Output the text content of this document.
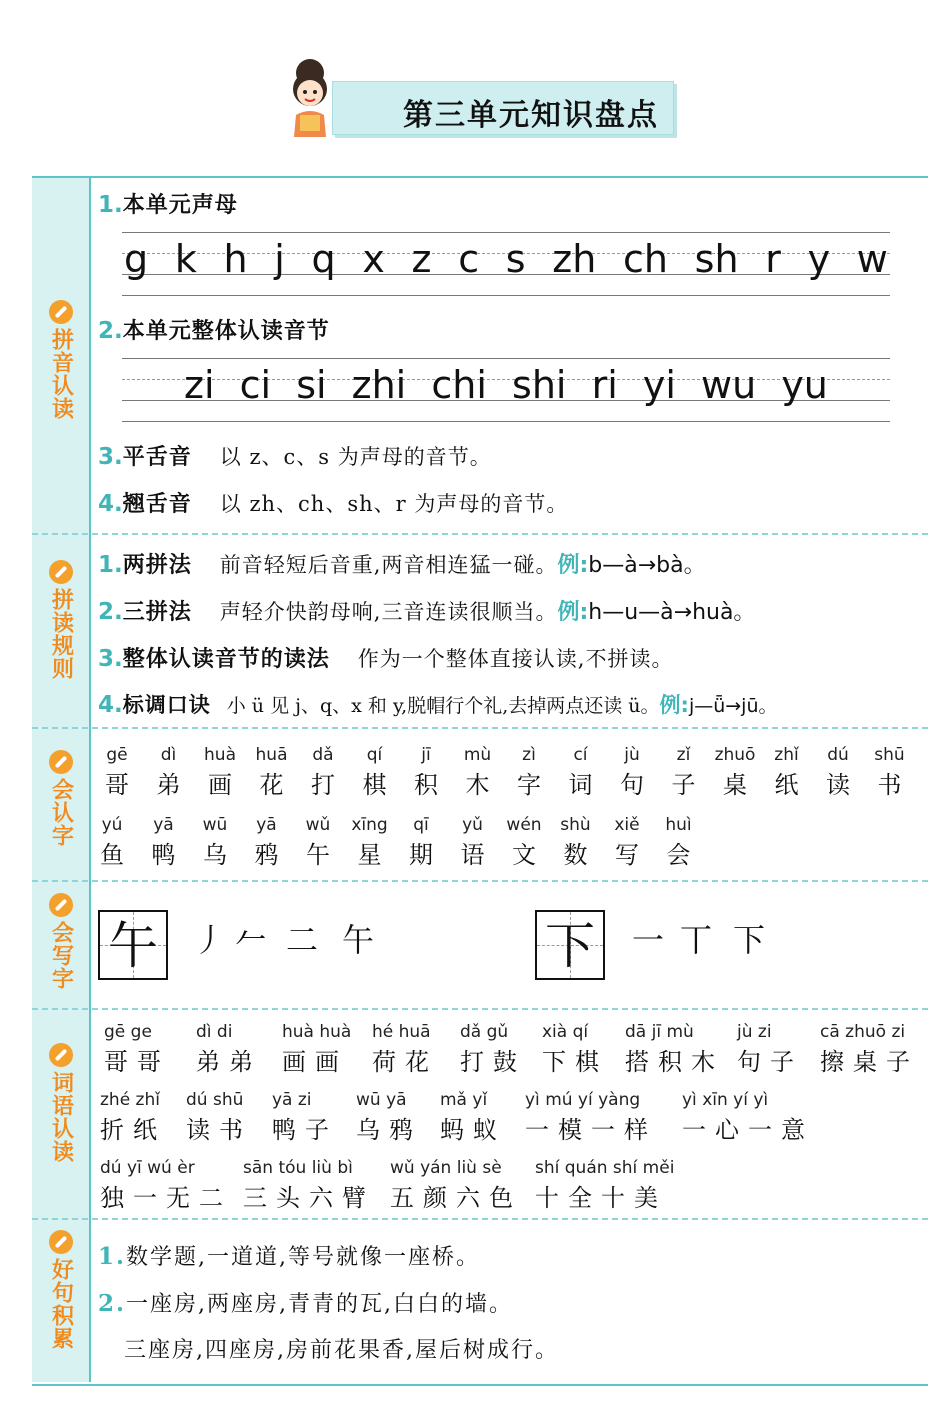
第三单元知识盘点
拼音认读
拼读规则
会认字
会写字
词语认读
好句积累
1.本单元声母
g k h j q x z c s zh ch sh r y w
2.本单元整体认读音节
zi ci si zhi chi shi ri yi wu yu
3.平舌音 以 z、c、s 为声母的音节。
4.翘舌音 以 zh、ch、sh、r 为声母的音节。
1.两拼法 前音轻短后音重,两音相连猛一碰。例:b—à→bà。
2.三拼法 声轻介快韵母响,三音连读很顺当。例:h—u—à→huà。
3.整体认读音节的读法 作为一个整体直接认读,不拼读。
4.标调口诀 小 ü 见 j、q、x 和 y,脱帽行个礼,去掉两点还读 ü。例:j—ǖ→jū。
gē
哥
dì
弟
huà
画
huā
花
dǎ
打
qí
棋
jī
积
mù
木
zì
字
cí
词
jù
句
zǐ
子
zhuō
桌
zhǐ
纸
dú
读
shū
书
yú
鱼
yā
鸭
wū
乌
yā
鸦
wǔ
午
xīng
星
qī
期
yǔ
语
wén
文
shù
数
xiě
写
huì
会
午 丿 𠂉 二 午	下 一 丅 下
gē ge
哥哥
dì di
弟弟
huà huà
画画
hé huā
荷花
dǎ gǔ
打鼓
xià qí
下棋
dā jī mù
搭积木
jù zi
句子
cā zhuō zi
擦桌子
zhé zhǐ
折纸
dú shū
读书
yā zi
鸭子
wū yā
乌鸦
mǎ yǐ
蚂蚁
yì mú yí yàng
一模一样
yì xīn yí yì
一心一意
dú yī wú èr
独一无二
sān tóu liù bì
三头六臂
wǔ yán liù sè
五颜六色
shí quán shí měi
十全十美
1.数学题,一道道,等号就像一座桥。
2.一座房,两座房,青青的瓦,白白的墙。
三座房,四座房,房前花果香,屋后树成行。
